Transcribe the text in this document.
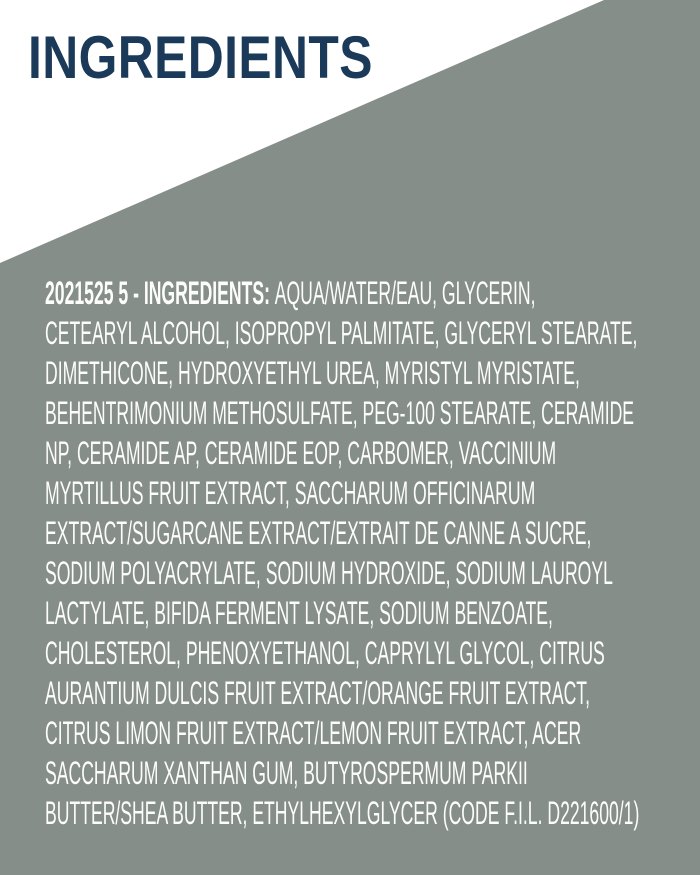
INGREDIENTS
2021525 5 - INGREDIENTS: AQUA/WATER/EAU, GLYCERIN,
CETEARYL ALCOHOL, ISOPROPYL PALMITATE, GLYCERYL STEARATE,
DIMETHICONE, HYDROXYETHYL UREA, MYRISTYL MYRISTATE,
BEHENTRIMONIUM METHOSULFATE, PEG-100 STEARATE, CERAMIDE
NP, CERAMIDE AP, CERAMIDE EOP, CARBOMER, VACCINIUM
MYRTILLUS FRUIT EXTRACT, SACCHARUM OFFICINARUM
EXTRACT/SUGARCANE EXTRACT/EXTRAIT DE CANNE A SUCRE,
SODIUM POLYACRYLATE, SODIUM HYDROXIDE, SODIUM LAUROYL
LACTYLATE, BIFIDA FERMENT LYSATE, SODIUM BENZOATE,
CHOLESTEROL, PHENOXYETHANOL, CAPRYLYL GLYCOL, CITRUS
AURANTIUM DULCIS FRUIT EXTRACT/ORANGE FRUIT EXTRACT,
CITRUS LIMON FRUIT EXTRACT/LEMON FRUIT EXTRACT, ACER
SACCHARUM XANTHAN GUM, BUTYROSPERMUM PARKII
BUTTER/SHEA BUTTER, ETHYLHEXYLGLYCER (CODE F.I.L. D221600/1)
